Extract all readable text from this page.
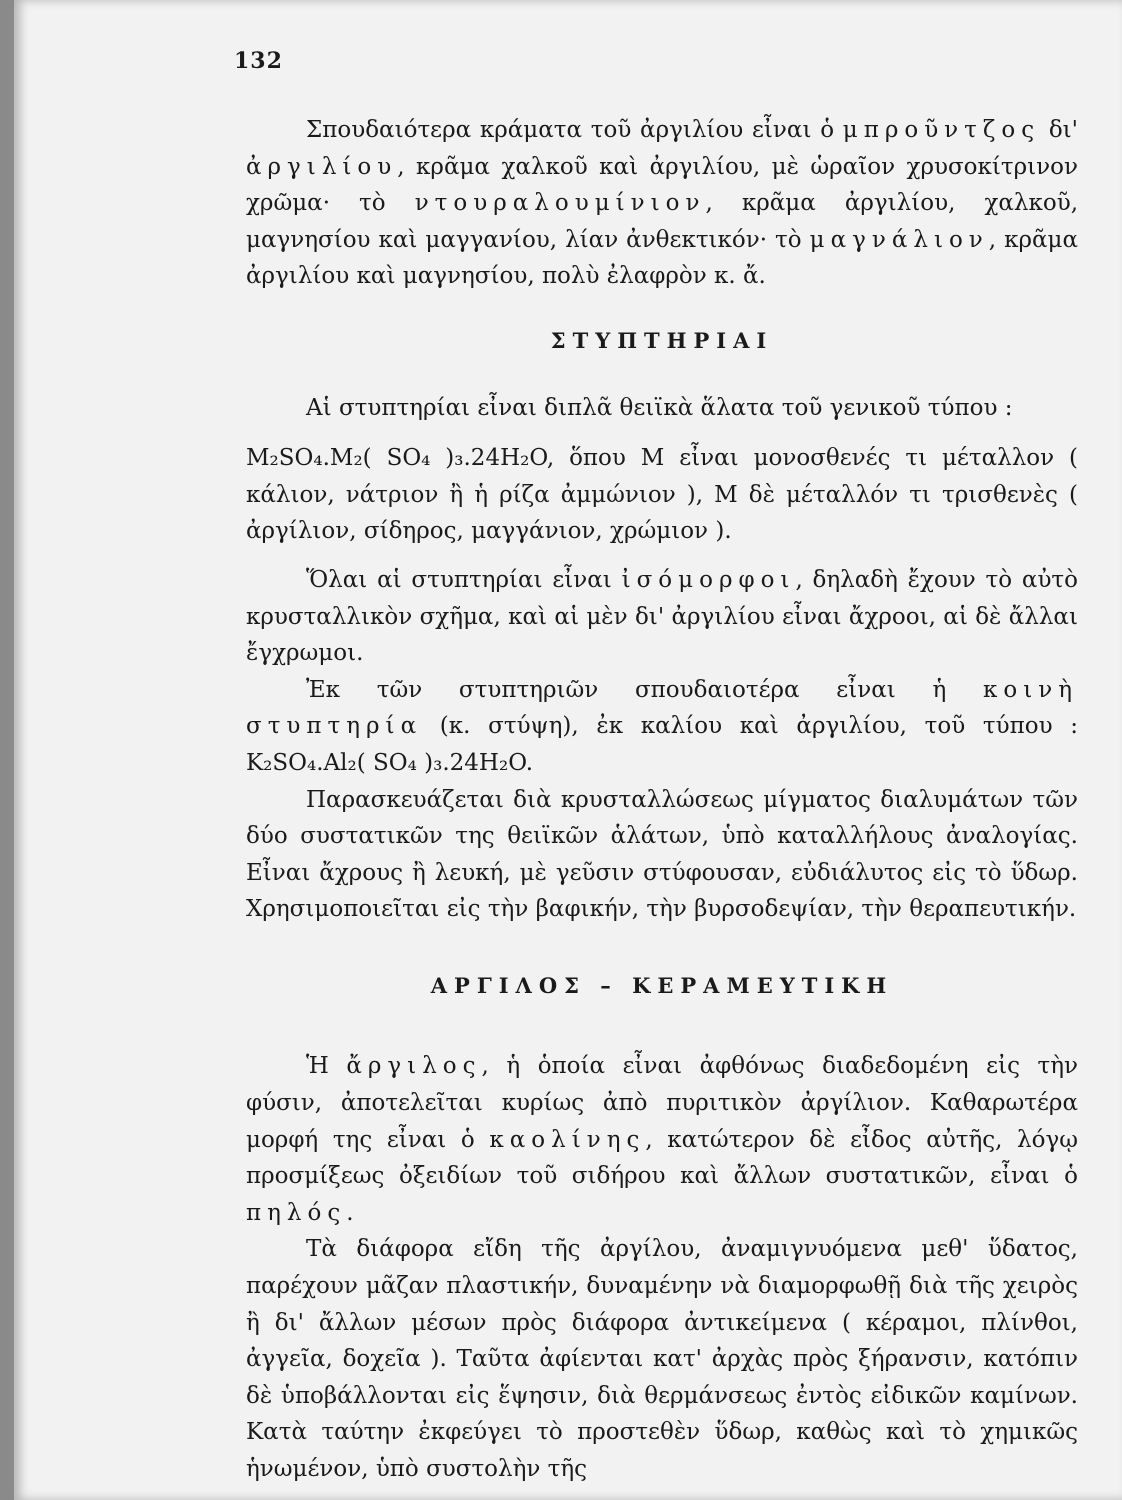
132

Σπουδαιότερα κράματα τοῦ ἀργιλίου εἶναι ὁ μπροῦντζος δι' ἀργιλίου, κρᾶμα χαλκοῦ καὶ ἀργιλίου, μὲ ὡραῖον χρυσοκίτρινον χρῶμα· τὸ ντουραλουμίνιον, κρᾶμα ἀργιλίου, χαλκοῦ, μαγνησίου καὶ μαγγανίου, λίαν ἀνθεκτικόν· τὸ μαγνάλιον, κρᾶμα ἀργιλίου καὶ μαγνησίου, πολὺ ἐλαφρὸν κ. ἄ.

ΣΤΥΠΤΗΡΙΑΙ

Αἱ στυπτηρίαι εἶναι διπλᾶ θειϊκὰ ἅλατα τοῦ γενικοῦ τύπου :

M₂SO₄.M₂( SO₄ )₃.24H₂O, ὅπου M εἶναι μονοσθενές τι μέταλλον ( κάλιον, νάτριον ἢ ἡ ρίζα ἀμμώνιον ), M δὲ μέταλλόν τι τρισθενὲς ( ἀργίλιον, σίδηρος, μαγγάνιον, χρώμιον ).

Ὅλαι αἱ στυπτηρίαι εἶναι ἰσόμορφοι, δηλαδὴ ἔχουν τὸ αὐτὸ κρυσταλλικὸν σχῆμα, καὶ αἱ μὲν δι' ἀργιλίου εἶναι ἄχροοι, αἱ δὲ ἄλλαι ἔγχρωμοι.

Ἐκ τῶν στυπτηριῶν σπουδαιοτέρα εἶναι ἡ κοινὴ στυπτηρία (κ. στύψη), ἐκ καλίου καὶ ἀργιλίου, τοῦ τύπου : K₂SO₄.Al₂( SO₄ )₃.24H₂O.

Παρασκευάζεται διὰ κρυσταλλώσεως μίγματος διαλυμάτων τῶν δύο συστατικῶν της θειϊκῶν ἁλάτων, ὑπὸ καταλλήλους ἀναλογίας. Εἶναι ἄχρους ἢ λευκή, μὲ γεῦσιν στύφουσαν, εὐδιάλυτος εἰς τὸ ὕδωρ. Χρησιμοποιεῖται εἰς τὴν βαφικήν, τὴν βυρσοδεψίαν, τὴν θεραπευτικήν.

ΑΡΓΙΛΟΣ – ΚΕΡΑΜΕΥΤΙΚΗ

Ἡ ἄργιλος, ἡ ὁποία εἶναι ἀφθόνως διαδεδομένη εἰς τὴν φύσιν, ἀποτελεῖται κυρίως ἀπὸ πυριτικὸν ἀργίλιον. Καθαρωτέρα μορφή της εἶναι ὁ καολίνης, κατώτερον δὲ εἶδος αὐτῆς, λόγῳ προσμίξεως ὀξειδίων τοῦ σιδήρου καὶ ἄλλων συστατικῶν, εἶναι ὁ πηλός.

Τὰ διάφορα εἴδη τῆς ἀργίλου, ἀναμιγνυόμενα μεθ' ὕδατος, παρέχουν μᾶζαν πλαστικήν, δυναμένην νὰ διαμορφωθῇ διὰ τῆς χειρὸς ἢ δι' ἄλλων μέσων πρὸς διάφορα ἀντικείμενα ( κέραμοι, πλίνθοι, ἀγγεῖα, δοχεῖα ). Ταῦτα ἀφίενται κατ' ἀρχὰς πρὸς ξήρανσιν, κατόπιν δὲ ὑποβάλλονται εἰς ἕψησιν, διὰ θερμάνσεως ἐντὸς εἰδικῶν καμίνων. Κατὰ ταύτην ἐκφεύγει τὸ προστεθὲν ὕδωρ, καθὼς καὶ τὸ χημικῶς ἡνωμένον, ὑπὸ συστολὴν τῆς
